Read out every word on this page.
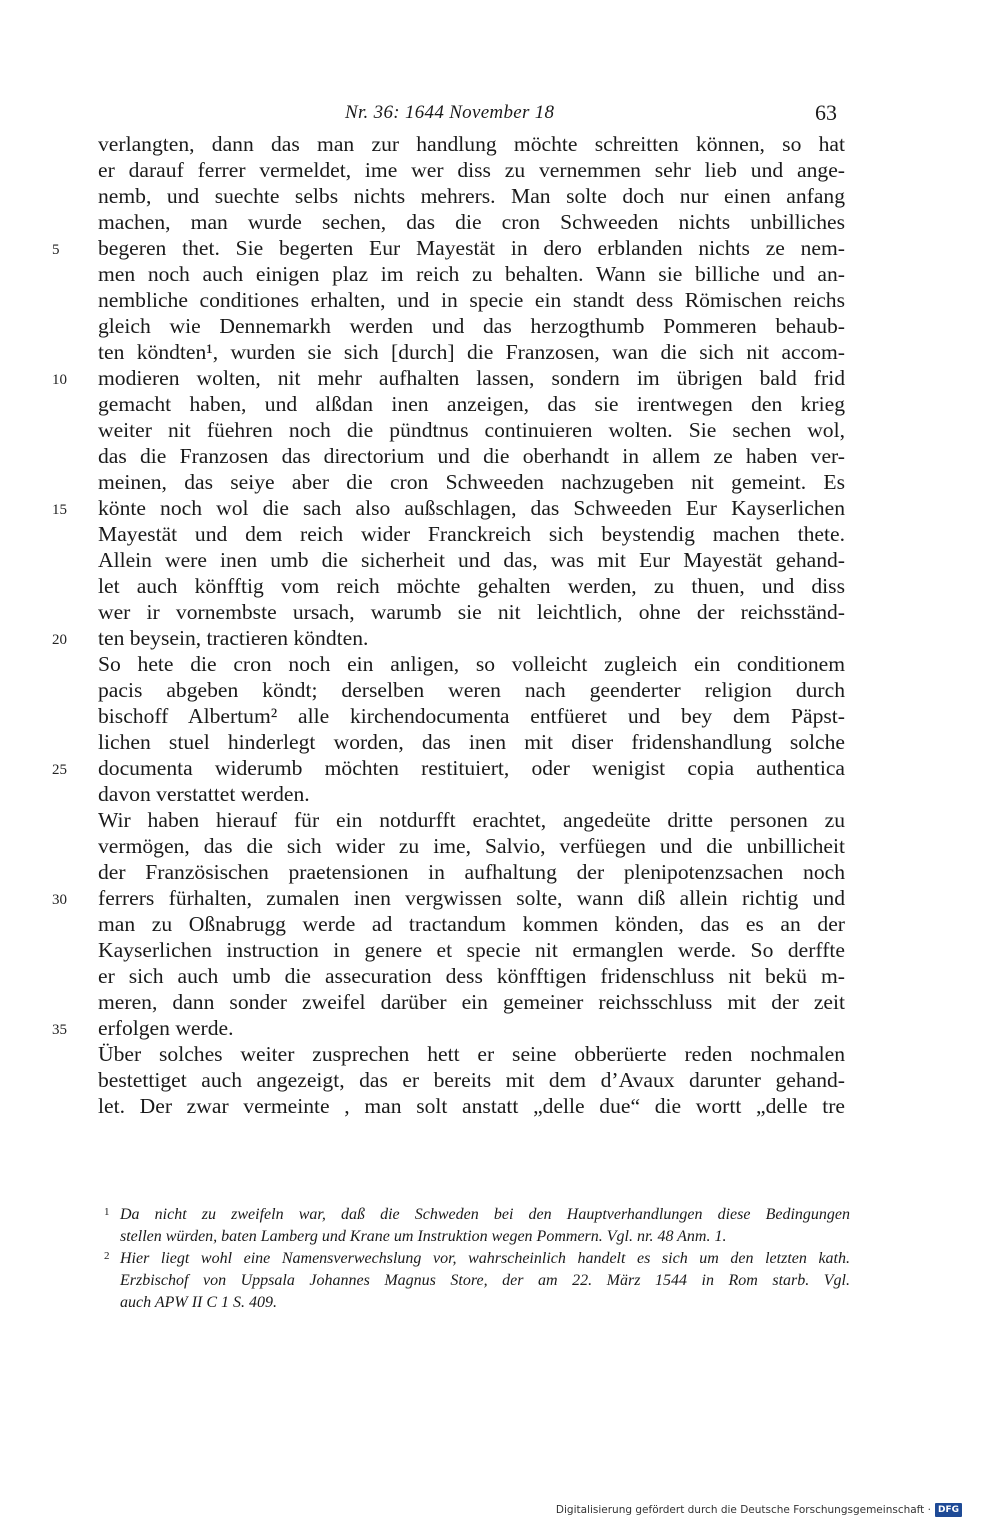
Nr. 36: 1644 November 18	63
verlangten, dann das man zur handlung möchte schreitten können, so hat
er darauf ferrer vermeldet, ime wer diss zu vernemmen sehr lieb und ange-
nemb, und suechte selbs nichts mehrers. Man solte doch nur einen anfang
machen, man wurde sechen, das die cron Schweeden nichts unbilliches
5	begeren thet. Sie begerten Eur Mayestät in dero erblanden nichts ze nem-
men noch auch einigen plaz im reich zu behalten. Wann sie billiche und an-
nembliche conditiones erhalten, und in specie ein standt dess Römischen reichs
gleich wie Dennemarkh werden und das herzogthumb Pommeren behaub-
ten köndten¹, wurden sie sich [durch] die Franzosen, wan die sich nit accom-
10	modieren wolten, nit mehr aufhalten lassen, sondern im übrigen bald frid
gemacht haben, und alßdan inen anzeigen, das sie irentwegen den krieg
weiter nit füehren noch die pündtnus continuieren wolten. Sie sechen wol,
das die Franzosen das directorium und die oberhandt in allem ze haben ver-
meinen, das seiye aber die cron Schweeden nachzugeben nit gemeint. Es
15	könte noch wol die sach also außschlagen, das Schweeden Eur Kayserlichen
Mayestät und dem reich wider Franckreich sich beystendig machen thete.
Allein were inen umb die sicherheit und das, was mit Eur Mayestät gehand-
let auch könfftig vom reich möchte gehalten werden, zu thuen, und diss
wer ir vornembste ursach, warumb sie nit leichtlich, ohne der reichsständ-
20	ten beysein, tractieren köndten.
So hete die cron noch ein anligen, so volleicht zugleich ein conditionem
pacis abgeben köndt; derselben weren nach geenderter religion durch
bischoff Albertum² alle kirchendocumenta entfüeret und bey dem Päpst-
lichen stuel hinderlegt worden, das inen mit diser fridenshandlung solche
25	documenta widerumb möchten restituiert, oder wenigist copia authentica
davon verstattet werden.
Wir haben hierauf für ein notdurfft erachtet, angedeüte dritte personen zu
vermögen, das die sich wider zu ime, Salvio, verfüegen und die unbillicheit
der Französischen praetensionen in aufhaltung der plenipotenzsachen noch
30	ferrers fürhalten, zumalen inen vergwissen solte, wann diß allein richtig und
man zu Oßnabrugg werde ad tractandum kommen könden, das es an der
Kayserlichen instruction in genere et specie nit ermanglen werde. So derffte
er sich auch umb die assecuration dess könfftigen fridenschluss nit bekü m-
meren, dann sonder zweifel darüber ein gemeiner reichsschluss mit der zeit
35	erfolgen werde.
Über solches weiter zusprechen hett er seine obberüerte reden nochmalen
bestettiget auch angezeigt, das er bereits mit dem d’Avaux darunter gehand-
let. Der zwar vermeinte , man solt anstatt „delle due“ die wortt „delle tre
1 Da nicht zu zweifeln war, daß die Schweden bei den Hauptverhandlungen diese Bedingungen
stellen würden, baten Lamberg und Krane um Instruktion wegen Pommern. Vgl. nr. 48 Anm. 1.
2 Hier liegt wohl eine Namensverwechslung vor, wahrscheinlich handelt es sich um den letzten kath.
Erzbischof von Uppsala Johannes Magnus Store, der am 22. März 1544 in Rom starb. Vgl.
auch APW II C 1 S. 409.
Digitalisierung gefördert durch die Deutsche Forschungsgemeinschaft · DFG
